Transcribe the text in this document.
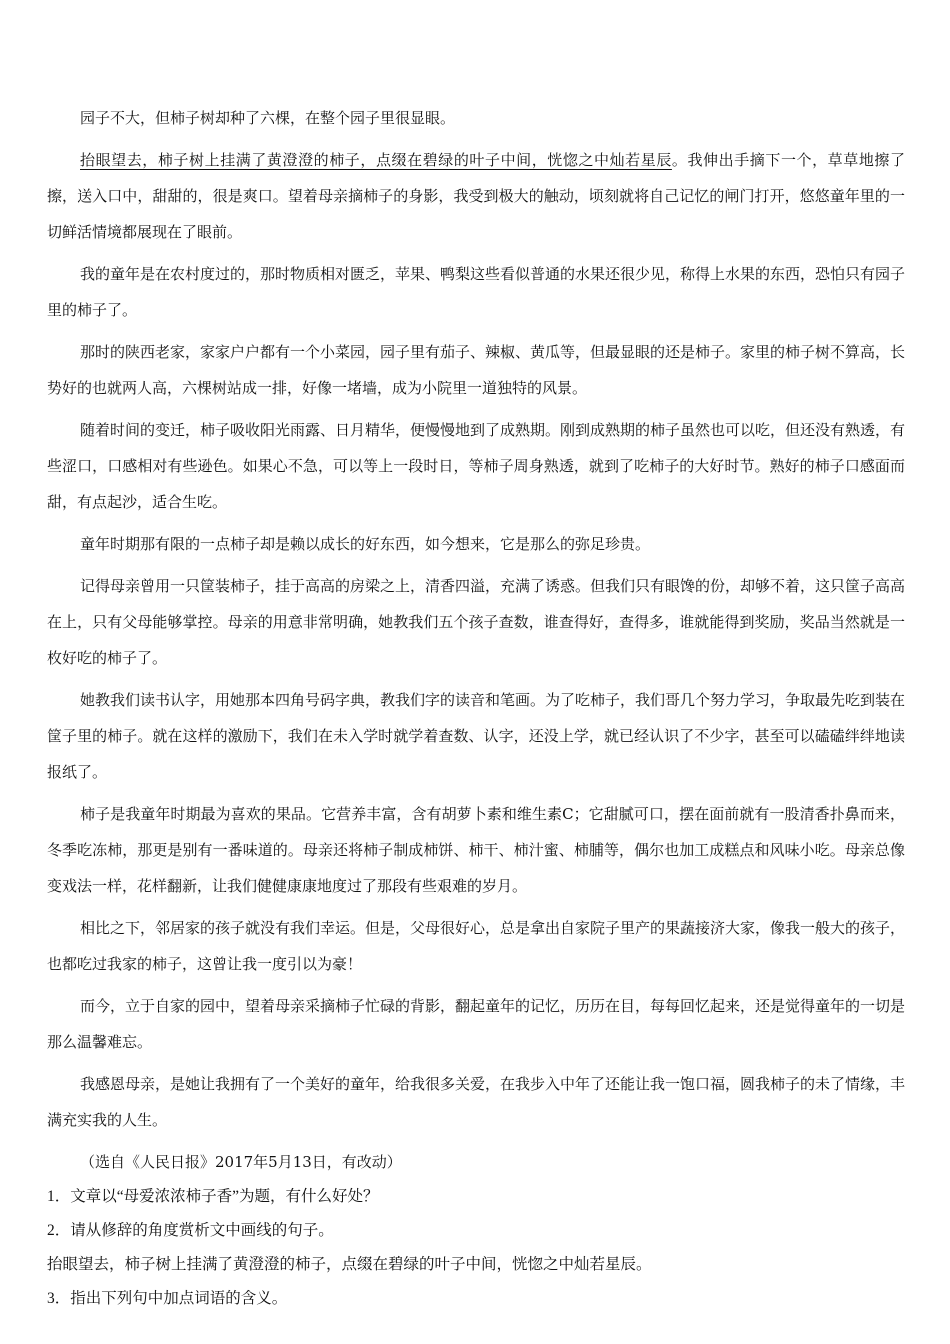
园子不大，但柿子树却种了六棵，在整个园子里很显眼。

抬眼望去，柿子树上挂满了黄澄澄的柿子，点缀在碧绿的叶子中间，恍惚之中灿若星辰。我伸出手摘下一个，草草地擦了擦，送入口中，甜甜的，很是爽口。望着母亲摘柿子的身影，我受到极大的触动，顷刻就将自己记忆的闸门打开，悠悠童年里的一切鲜活情境都展现在了眼前。

我的童年是在农村度过的，那时物质相对匮乏，苹果、鸭梨这些看似普通的水果还很少见，称得上水果的东西，恐怕只有园子里的柿子了。

那时的陕西老家，家家户户都有一个小菜园，园子里有茄子、辣椒、黄瓜等，但最显眼的还是柿子。家里的柿子树不算高，长势好的也就两人高，六棵树站成一排，好像一堵墙，成为小院里一道独特的风景。

随着时间的变迁，柿子吸收阳光雨露、日月精华，便慢慢地到了成熟期。刚到成熟期的柿子虽然也可以吃，但还没有熟透，有些涩口，口感相对有些逊色。如果心不急，可以等上一段时日，等柿子周身熟透，就到了吃柿子的大好时节。熟好的柿子口感面而甜，有点起沙，适合生吃。

童年时期那有限的一点柿子却是赖以成长的好东西，如今想来，它是那么的弥足珍贵。

记得母亲曾用一只筐装柿子，挂于高高的房梁之上，清香四溢，充满了诱惑。但我们只有眼馋的份，却够不着，这只筐子高高在上，只有父母能够掌控。母亲的用意非常明确，她教我们五个孩子查数，谁查得好，查得多，谁就能得到奖励，奖品当然就是一枚好吃的柿子了。

她教我们读书认字，用她那本四角号码字典，教我们字的读音和笔画。为了吃柿子，我们哥几个努力学习，争取最先吃到装在筐子里的柿子。就在这样的激励下，我们在未入学时就学着查数、认字，还没上学，就已经认识了不少字，甚至可以磕磕绊绊地读报纸了。

柿子是我童年时期最为喜欢的果品。它营养丰富，含有胡萝卜素和维生素C；它甜腻可口，摆在面前就有一股清香扑鼻而来，冬季吃冻柿，那更是别有一番味道的。母亲还将柿子制成柿饼、柿干、柿汁蜜、柿脯等，偶尔也加工成糕点和风味小吃。母亲总像变戏法一样，花样翻新，让我们健健康康地度过了那段有些艰难的岁月。

相比之下，邻居家的孩子就没有我们幸运。但是，父母很好心，总是拿出自家院子里产的果蔬接济大家，像我一般大的孩子，也都吃过我家的柿子，这曾让我一度引以为豪！

而今，立于自家的园中，望着母亲采摘柿子忙碌的背影，翻起童年的记忆，历历在目，每每回忆起来，还是觉得童年的一切是那么温馨难忘。

我感恩母亲，是她让我拥有了一个美好的童年，给我很多关爱，在我步入中年了还能让我一饱口福，圆我柿子的未了情缘，丰满充实我的人生。

（选自《人民日报》2017年5月13日，有改动）

1．文章以“母爱浓浓柿子香”为题，有什么好处？

2．请从修辞的角度赏析文中画线的句子。

抬眼望去，柿子树上挂满了黄澄澄的柿子，点缀在碧绿的叶子中间，恍惚之中灿若星辰。

3．指出下列句中加点词语的含义。
